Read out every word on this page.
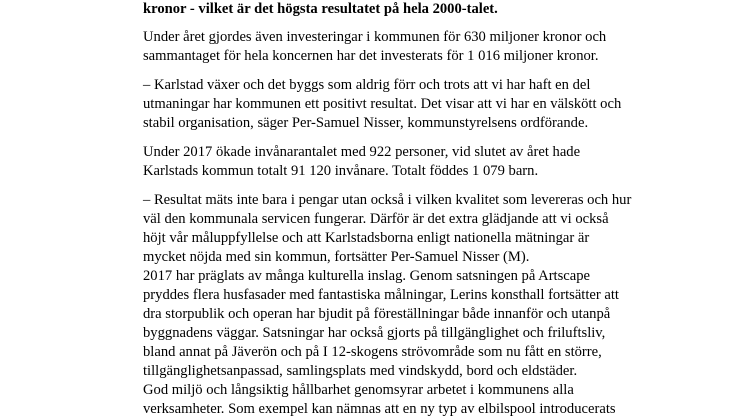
kronor - vilket är det högsta resultatet på hela 2000-talet.
Under året gjordes även investeringar i kommunen för 630 miljoner kronor och
sammantaget för hela koncernen har det investerats för 1 016 miljoner kronor.
– Karlstad växer och det byggs som aldrig förr och trots att vi har haft en del
utmaningar har kommunen ett positivt resultat. Det visar att vi har en välskött och
stabil organisation, säger Per-Samuel Nisser, kommunstyrelsens ordförande.
Under 2017 ökade invånarantalet med 922 personer, vid slutet av året hade
Karlstads kommun totalt 91 120 invånare. Totalt föddes 1 079 barn.
– Resultat mäts inte bara i pengar utan också i vilken kvalitet som levereras och hur
väl den kommunala servicen fungerar. Därför är det extra glädjande att vi också
höjt vår måluppfyllelse och att Karlstadsborna enligt nationella mätningar är
mycket nöjda med sin kommun, fortsätter Per-Samuel Nisser (M).
2017 har präglats av många kulturella inslag. Genom satsningen på Artscape
pryddes flera husfasader med fantastiska målningar, Lerins konsthall fortsätter att
dra storpublik och operan har bjudit på föreställningar både innanför och utanpå
byggnadens väggar. Satsningar har också gjorts på tillgänglighet och friluftsliv,
bland annat på Jäverön och på I 12-skogens strövområde som nu fått en större,
tillgänglighetsanpassad, samlingsplats med vindskydd, bord och eldstäder.
God miljö och långsiktig hållbarhet genomsyrar arbetet i kommunens alla
verksamheter. Som exempel kan nämnas att en ny typ av elbilspool introducerats
